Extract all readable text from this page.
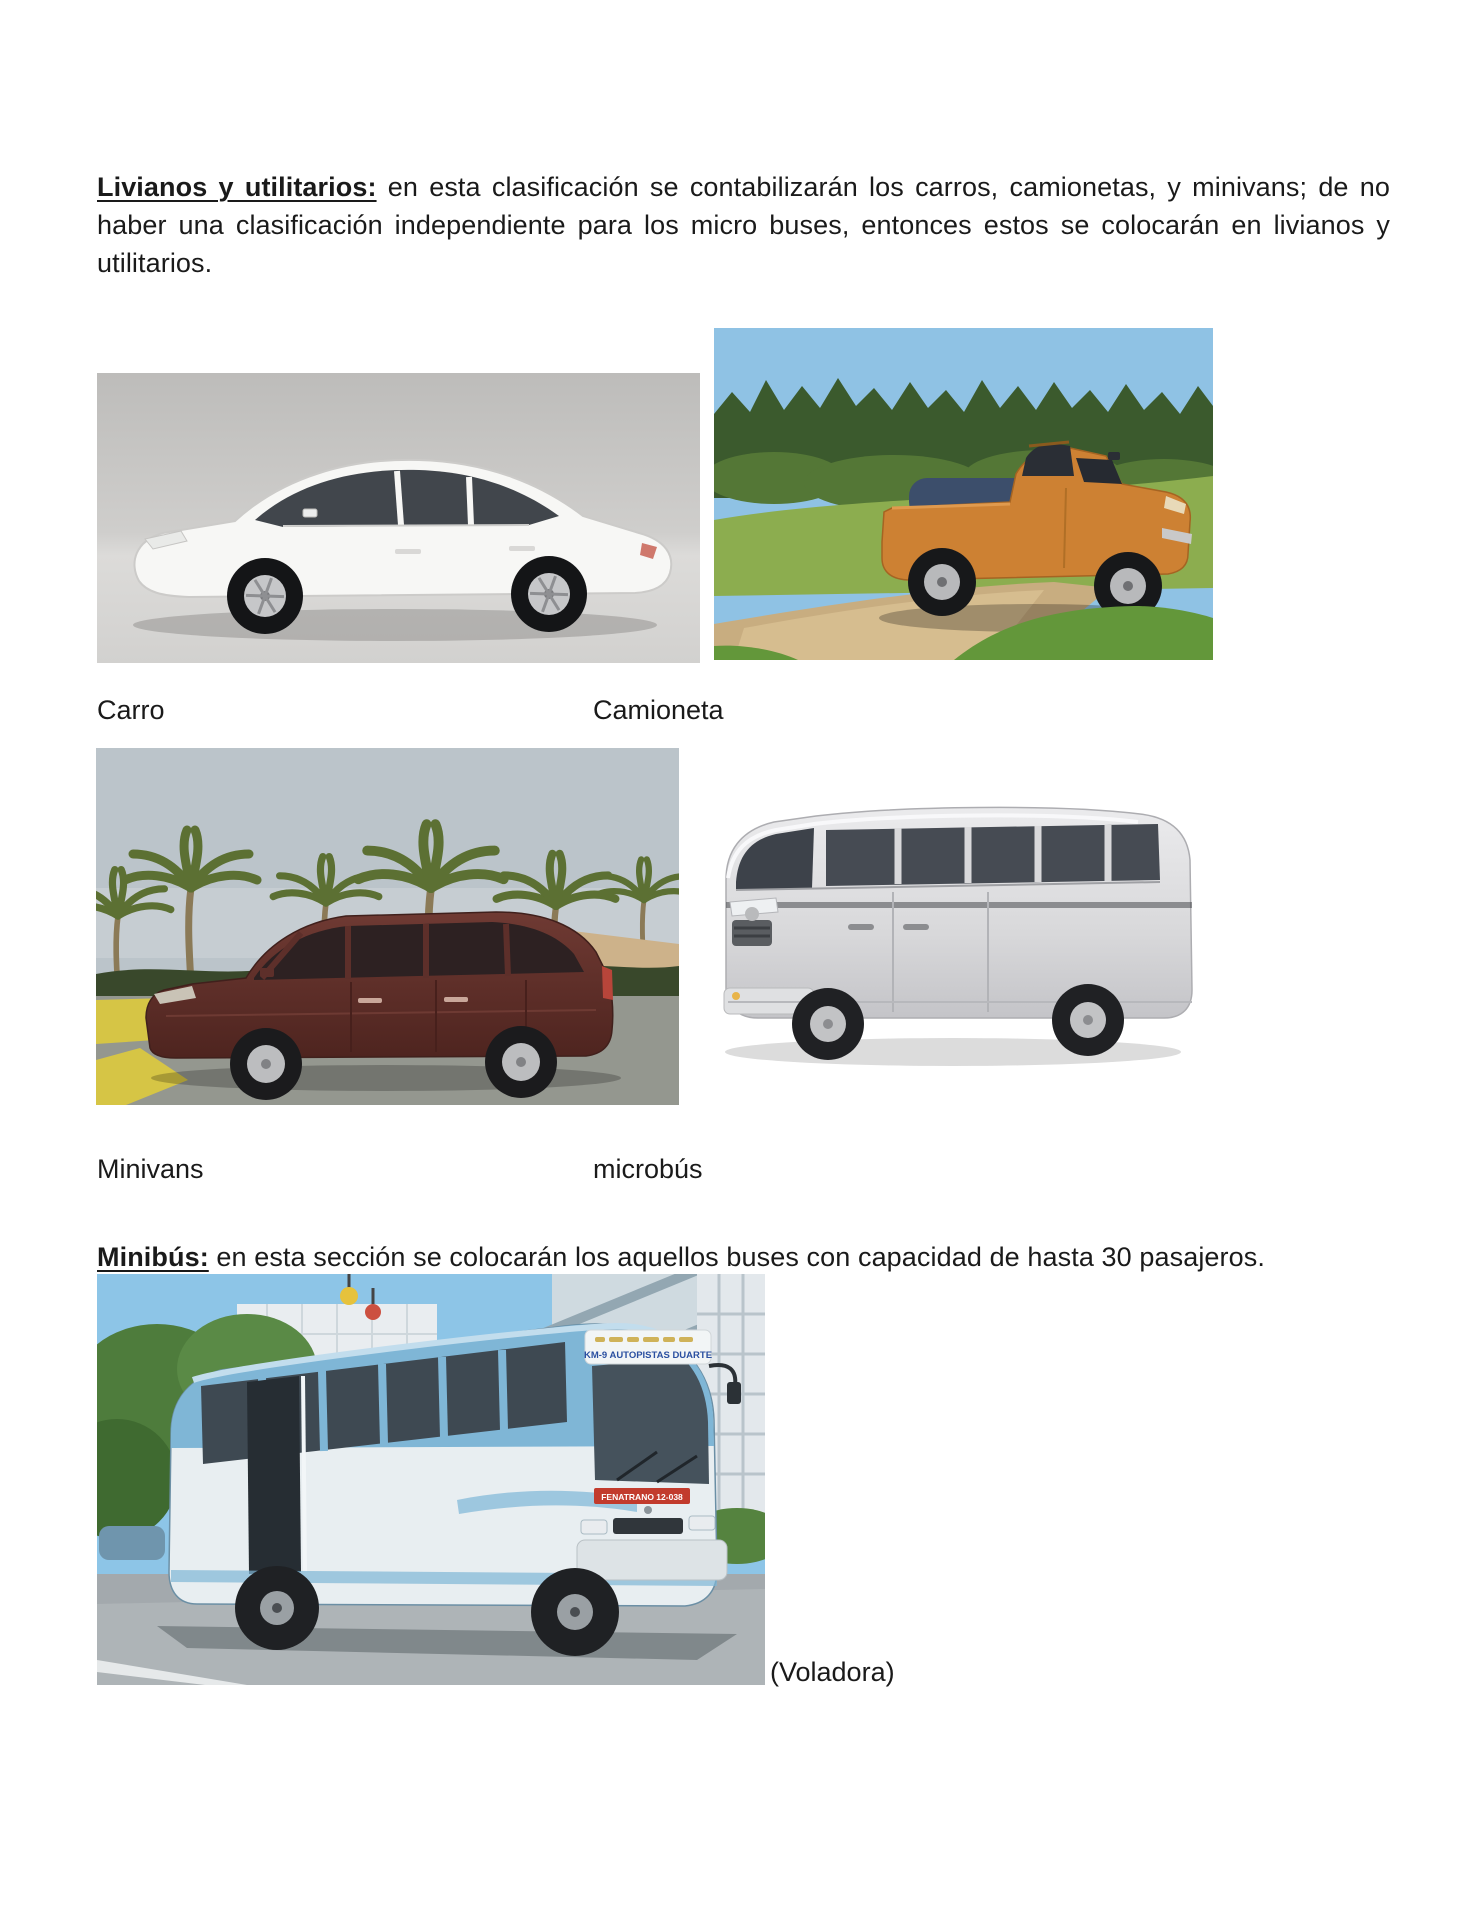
Livianos y utilitarios: en esta clasificación se contabilizarán los carros, camionetas, y minivans; de no haber una clasificación independiente para los micro buses, entonces estos se colocarán en livianos y utilitarios.

Carro	Camioneta
Minivans	microbús

Minibús: en esta sección se colocarán los aquellos buses con capacidad de hasta 30 pasajeros.

KM-9 AUTOPISTAS DUARTE
FENATRANO 12-038
(Voladora)
